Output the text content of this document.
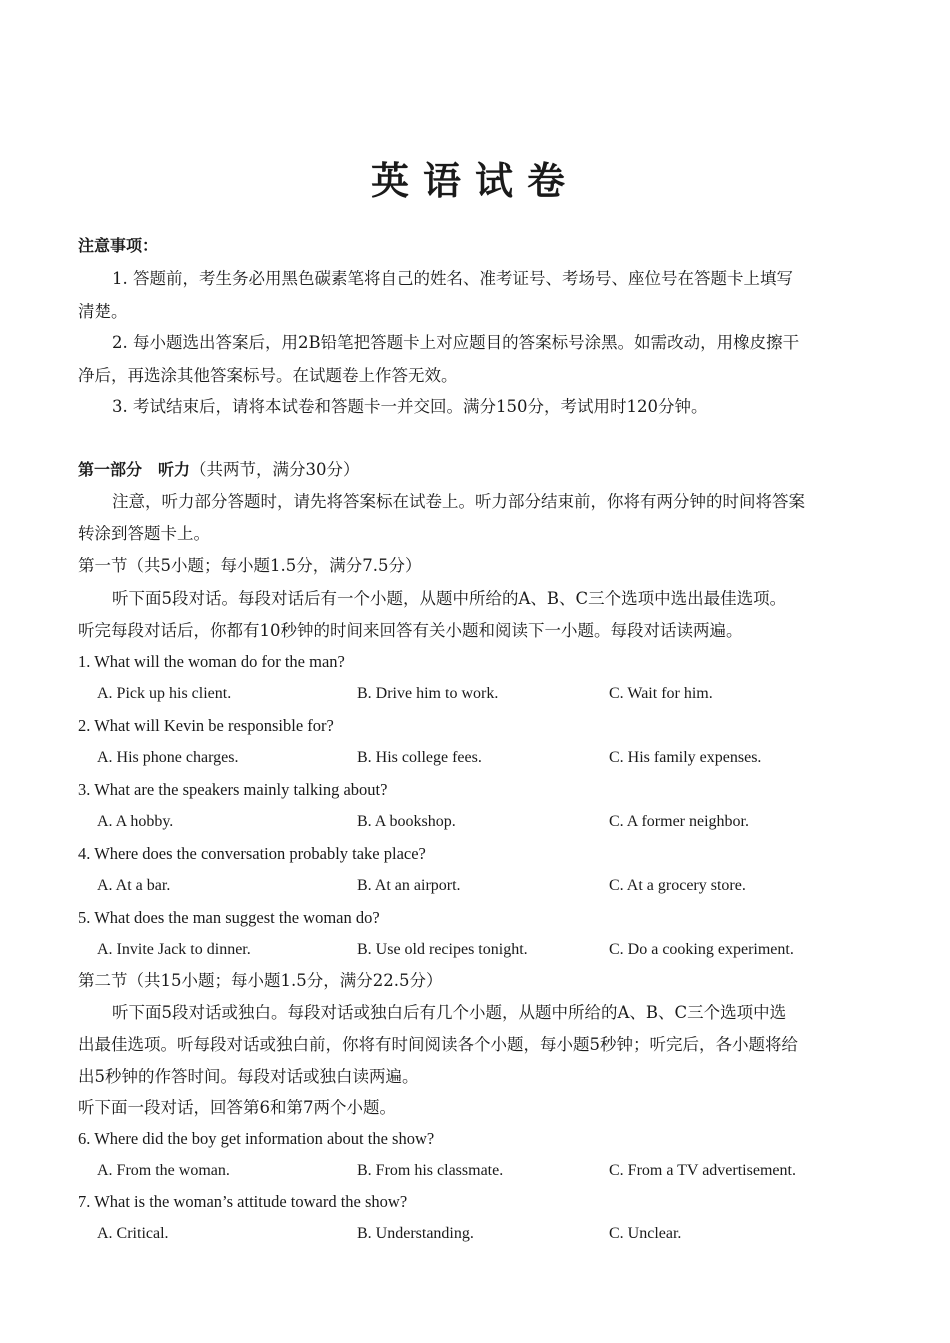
英语试卷
注意事项：
1. 答题前，考生务必用黑色碳素笔将自己的姓名、准考证号、考场号、座位号在答题卡上填写
清楚。
2. 每小题选出答案后，用2B铅笔把答题卡上对应题目的答案标号涂黑。如需改动，用橡皮擦干
净后，再选涂其他答案标号。在试题卷上作答无效。
3. 考试结束后，请将本试卷和答题卡一并交回。满分150分，考试用时120分钟。
第一部分　听力（共两节，满分30分）
注意，听力部分答题时，请先将答案标在试卷上。听力部分结束前，你将有两分钟的时间将答案
转涂到答题卡上。
第一节（共5小题；每小题1.5分，满分7.5分）
听下面5段对话。每段对话后有一个小题，从题中所给的A、B、C三个选项中选出最佳选项。
听完每段对话后，你都有10秒钟的时间来回答有关小题和阅读下一小题。每段对话读两遍。
1. What will the woman do for the man?
A. Pick up his client.	B. Drive him to work.	C. Wait for him.
2. What will Kevin be responsible for?
A. His phone charges.	B. His college fees.	C. His family expenses.
3. What are the speakers mainly talking about?
A. A hobby.	B. A bookshop.	C. A former neighbor.
4. Where does the conversation probably take place?
A. At a bar.	B. At an airport.	C. At a grocery store.
5. What does the man suggest the woman do?
A. Invite Jack to dinner.	B. Use old recipes tonight.	C. Do a cooking experiment.
第二节（共15小题；每小题1.5分，满分22.5分）
听下面5段对话或独白。每段对话或独白后有几个小题，从题中所给的A、B、C三个选项中选
出最佳选项。听每段对话或独白前，你将有时间阅读各个小题，每小题5秒钟；听完后，各小题将给
出5秒钟的作答时间。每段对话或独白读两遍。
听下面一段对话，回答第6和第7两个小题。
6. Where did the boy get information about the show?
A. From the woman.	B. From his classmate.	C. From a TV advertisement.
7. What is the woman’s attitude toward the show?
A. Critical.	B. Understanding.	C. Unclear.
